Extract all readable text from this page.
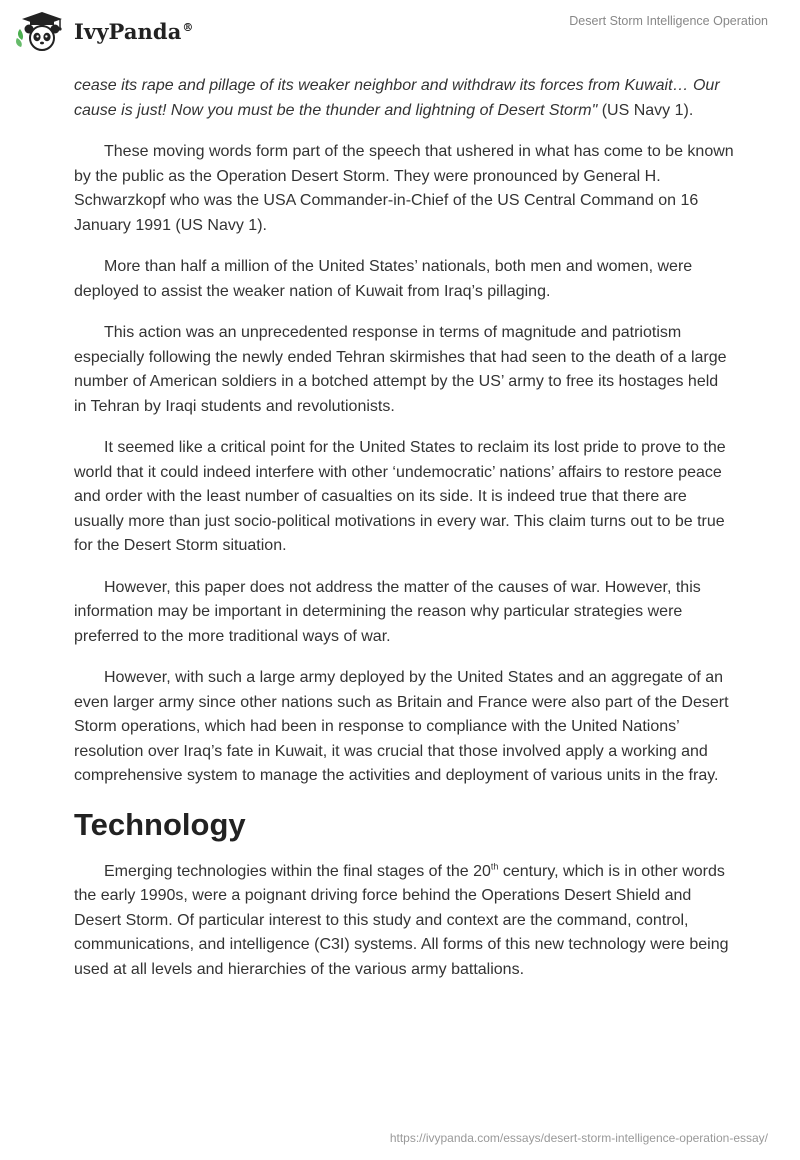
IvyPanda®	Desert Storm Intelligence Operation

cease its rape and pillage of its weaker neighbor and withdraw its forces from Kuwait… Our cause is just! Now you must be the thunder and lightning of Desert Storm" (US Navy 1).

These moving words form part of the speech that ushered in what has come to be known by the public as the Operation Desert Storm. They were pronounced by General H. Schwarzkopf who was the USA Commander-in-Chief of the US Central Command on 16 January 1991 (US Navy 1).

More than half a million of the United States’ nationals, both men and women, were deployed to assist the weaker nation of Kuwait from Iraq’s pillaging.

This action was an unprecedented response in terms of magnitude and patriotism especially following the newly ended Tehran skirmishes that had seen to the death of a large number of American soldiers in a botched attempt by the US’ army to free its hostages held in Tehran by Iraqi students and revolutionists.

It seemed like a critical point for the United States to reclaim its lost pride to prove to the world that it could indeed interfere with other ‘undemocratic’ nations’ affairs to restore peace and order with the least number of casualties on its side. It is indeed true that there are usually more than just socio-political motivations in every war. This claim turns out to be true for the Desert Storm situation.

However, this paper does not address the matter of the causes of war. However, this information may be important in determining the reason why particular strategies were preferred to the more traditional ways of war.

However, with such a large army deployed by the United States and an aggregate of an even larger army since other nations such as Britain and France were also part of the Desert Storm operations, which had been in response to compliance with the United Nations’ resolution over Iraq’s fate in Kuwait, it was crucial that those involved apply a working and comprehensive system to manage the activities and deployment of various units in the fray.

Technology

Emerging technologies within the final stages of the 20th century, which is in other words the early 1990s, were a poignant driving force behind the Operations Desert Shield and Desert Storm. Of particular interest to this study and context are the command, control, communications, and intelligence (C3I) systems. All forms of this new technology were being used at all levels and hierarchies of the various army battalions.

https://ivypanda.com/essays/desert-storm-intelligence-operation-essay/
